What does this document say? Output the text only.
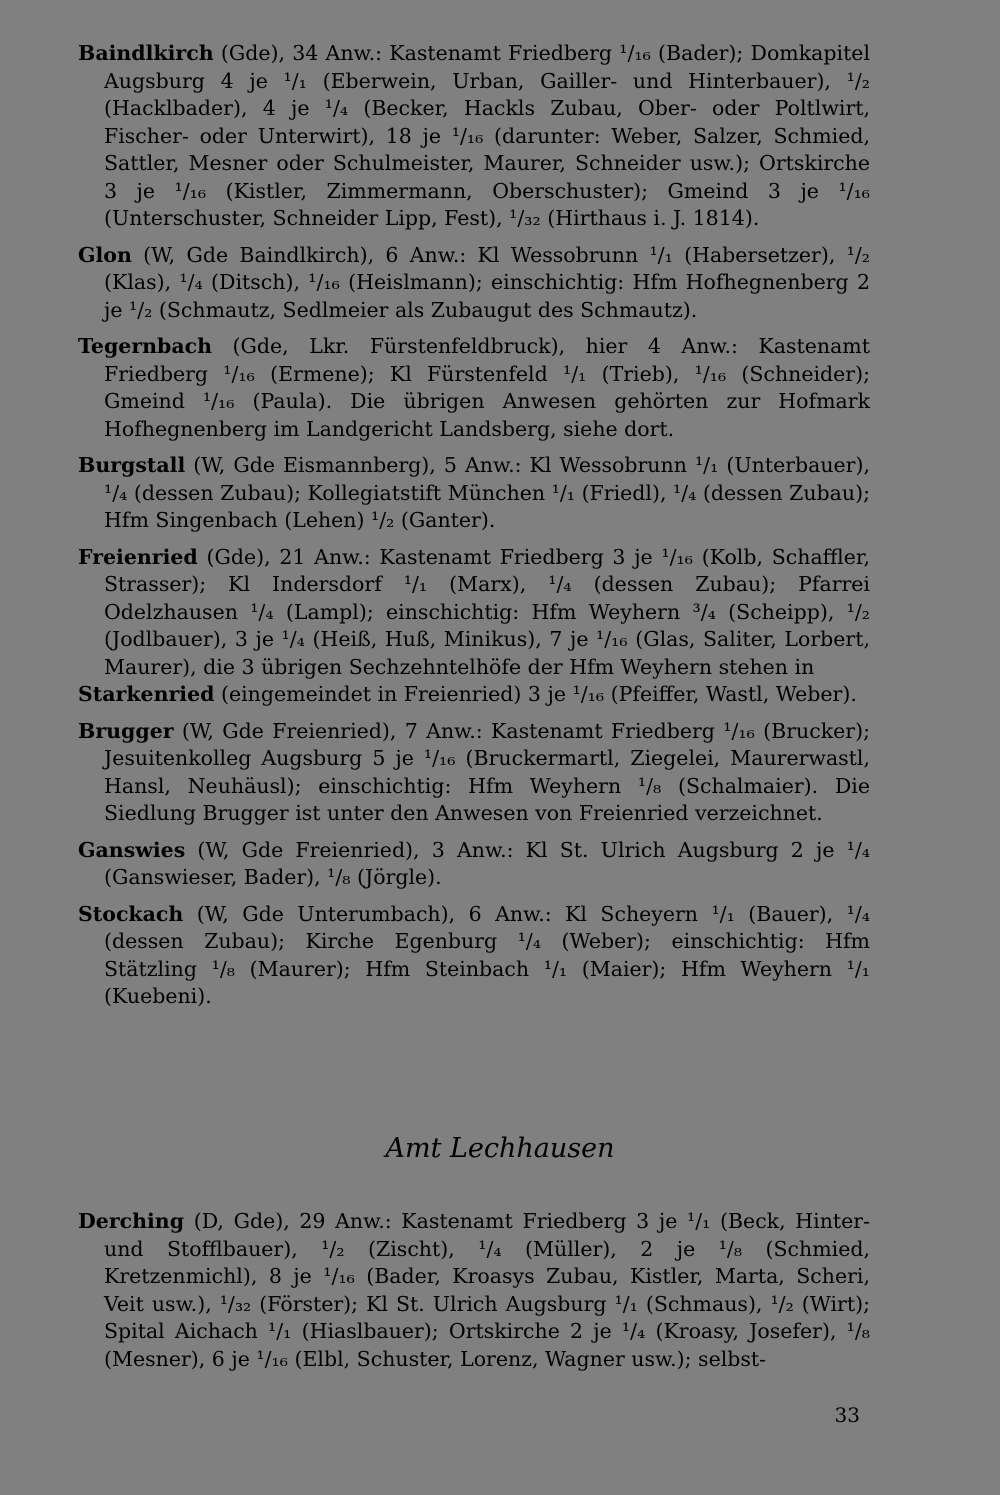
Baindlkirch (Gde), 34 Anw.: Kastenamt Friedberg ¹/₁₆ (Bader); Domkapitel Augsburg 4 je ¹/₁ (Eberwein, Urban, Gailler- und Hinterbauer), ¹/₂ (Hacklbader), 4 je ¹/₄ (Becker, Hackls Zubau, Ober- oder Poltlwirt, Fischer- oder Unterwirt), 18 je ¹/₁₆ (darunter: Weber, Salzer, Schmied, Sattler, Mesner oder Schulmeister, Maurer, Schneider usw.); Ortskirche 3 je ¹/₁₆ (Kistler, Zimmermann, Oberschuster); Gmeind 3 je ¹/₁₆ (Unterschuster, Schneider Lipp, Fest), ¹/₃₂ (Hirthaus i. J. 1814).

Glon (W, Gde Baindlkirch), 6 Anw.: Kl Wessobrunn ¹/₁ (Habersetzer), ¹/₂ (Klas), ¹/₄ (Ditsch), ¹/₁₆ (Heislmann); einschichtig: Hfm Hofhegnenberg 2 je ¹/₂ (Schmautz, Sedlmeier als Zubaugut des Schmautz).

Tegernbach (Gde, Lkr. Fürstenfeldbruck), hier 4 Anw.: Kastenamt Friedberg ¹/₁₆ (Ermene); Kl Fürstenfeld ¹/₁ (Trieb), ¹/₁₆ (Schneider); Gmeind ¹/₁₆ (Paula). Die übrigen Anwesen gehörten zur Hofmark Hofhegnenberg im Landgericht Landsberg, siehe dort.

Burgstall (W, Gde Eismannberg), 5 Anw.: Kl Wessobrunn ¹/₁ (Unterbauer), ¹/₄ (dessen Zubau); Kollegiatstift München ¹/₁ (Friedl), ¹/₄ (dessen Zubau); Hfm Singenbach (Lehen) ¹/₂ (Ganter).

Freienried (Gde), 21 Anw.: Kastenamt Friedberg 3 je ¹/₁₆ (Kolb, Schaffler, Strasser); Kl Indersdorf ¹/₁ (Marx), ¹/₄ (dessen Zubau); Pfarrei Odelzhausen ¹/₄ (Lampl); einschichtig: Hfm Weyhern ³/₄ (Scheipp), ¹/₂ (Jodlbauer), 3 je ¹/₄ (Heiß, Huß, Minikus), 7 je ¹/₁₆ (Glas, Saliter, Lorbert, Maurer), die 3 übrigen Sechzehntelhöfe der Hfm Weyhern stehen in

Starkenried (eingemeindet in Freienried) 3 je ¹/₁₆ (Pfeiffer, Wastl, Weber).

Brugger (W, Gde Freienried), 7 Anw.: Kastenamt Friedberg ¹/₁₆ (Brucker); Jesuitenkolleg Augsburg 5 je ¹/₁₆ (Bruckermartl, Ziegelei, Maurerwastl, Hansl, Neuhäusl); einschichtig: Hfm Weyhern ¹/₈ (Schalmaier). Die Siedlung Brugger ist unter den Anwesen von Freienried verzeichnet.

Ganswies (W, Gde Freienried), 3 Anw.: Kl St. Ulrich Augsburg 2 je ¹/₄ (Ganswieser, Bader), ¹/₈ (Jörgle).

Stockach (W, Gde Unterumbach), 6 Anw.: Kl Scheyern ¹/₁ (Bauer), ¹/₄ (dessen Zubau); Kirche Egenburg ¹/₄ (Weber); einschichtig: Hfm Stätzling ¹/₈ (Maurer); Hfm Steinbach ¹/₁ (Maier); Hfm Weyhern ¹/₁ (Kuebeni).

Amt Lechhausen

Derching (D, Gde), 29 Anw.: Kastenamt Friedberg 3 je ¹/₁ (Beck, Hinter- und Stofflbauer), ¹/₂ (Zischt), ¹/₄ (Müller), 2 je ¹/₈ (Schmied, Kretzenmichl), 8 je ¹/₁₆ (Bader, Kroasys Zubau, Kistler, Marta, Scheri, Veit usw.), ¹/₃₂ (Förster); Kl St. Ulrich Augsburg ¹/₁ (Schmaus), ¹/₂ (Wirt); Spital Aichach ¹/₁ (Hiaslbauer); Ortskirche 2 je ¹/₄ (Kroasy, Josefer), ¹/₈ (Mesner), 6 je ¹/₁₆ (Elbl, Schuster, Lorenz, Wagner usw.); selbst-

33
